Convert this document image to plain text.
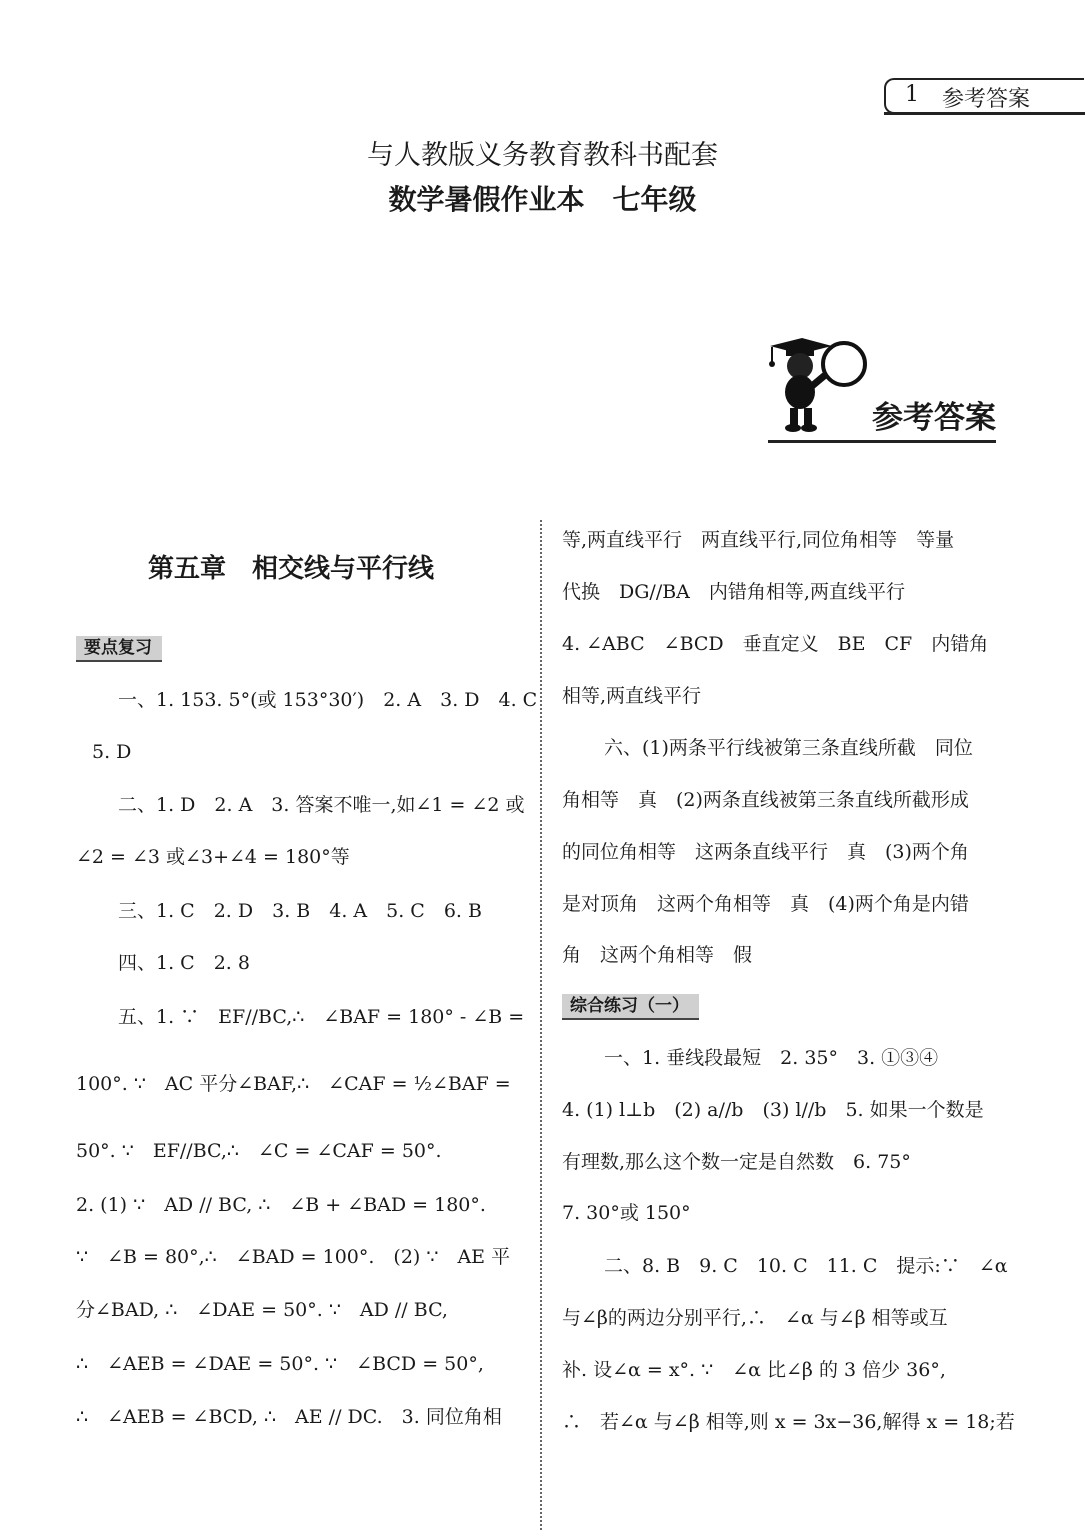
1 参考答案
与人教版义务教育教科书配套
数学暑假作业本　七年级
参考答案
第五章　相交线与平行线
要点复习
一、1. 153. 5°(或 153°30′)　2. A　3. D　4. C
5. D
二、1. D　2. A　3. 答案不唯一,如∠1 = ∠2 或
∠2 = ∠3 或∠3+∠4 = 180°等
三、1. C　2. D　3. B　4. A　5. C　6. B
四、1. C　2. 8
五、1. ∵　EF//BC,∴　∠BAF = 180° - ∠B =
100°. ∵　AC 平分∠BAF,∴　∠CAF = ½∠BAF =
50°. ∵　EF//BC,∴　∠C = ∠CAF = 50°.
2. (1) ∵　AD // BC, ∴　∠B + ∠BAD = 180°.
∵　∠B = 80°,∴　∠BAD = 100°.　(2) ∵　AE 平
分∠BAD, ∴　∠DAE = 50°. ∵　AD // BC,
∴　∠AEB = ∠DAE = 50°. ∵　∠BCD = 50°,
∴　∠AEB = ∠BCD, ∴　AE // DC.　3. 同位角相
等,两直线平行　两直线平行,同位角相等　等量
代换　DG//BA　内错角相等,两直线平行
4. ∠ABC　∠BCD　垂直定义　BE　CF　内错角
相等,两直线平行
六、(1)两条平行线被第三条直线所截　同位
角相等　真　(2)两条直线被第三条直线所截形成
的同位角相等　这两条直线平行　真　(3)两个角
是对顶角　这两个角相等　真　(4)两个角是内错
角　这两个角相等　假
综合练习（一）
一、1. 垂线段最短　2. 35°　3. ①③④
4. (1) l⊥b　(2) a//b　(3) l//b　5. 如果一个数是
有理数,那么这个数一定是自然数　6. 75°
7. 30°或 150°
二、8. B　9. C　10. C　11. C　提示:∵　∠α
与∠β的两边分别平行,∴　∠α 与∠β 相等或互
补. 设∠α = x°. ∵　∠α 比∠β 的 3 倍少 36°,
∴　若∠α 与∠β 相等,则 x = 3x−36,解得 x = 18;若
